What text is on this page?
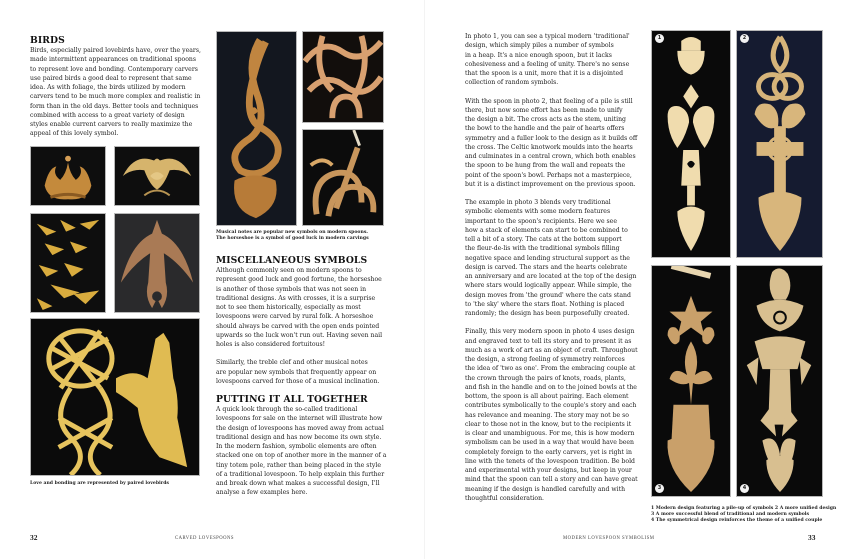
BIRDS
Birds, especially paired lovebirds have, over the years,
made intermittent appearances on traditional spoons
to represent love and bonding. Contemporary carvers
use paired birds a good deal to represent that same
idea. As with foliage, the birds utilized by modern
carvers tend to be much more complex and realistic in
form than in the old days. Better tools and techniques
combined with access to a great variety of design
styles enable current carvers to really maximize the
appeal of this lovely symbol.
Love and bonding are represented by paired lovebirds
Musical notes are popular new symbols on modern spoons.
The horseshoe is a symbol of good luck in modern carvings
MISCELLANEOUS SYMBOLS
Although commonly seen on modern spoons to
represent good luck and good fortune, the horseshoe
is another of those symbols that was not seen in
traditional designs. As with crosses, it is a surprise
not to see them historically, especially as most
lovespoons were carved by rural folk. A horseshoe
should always be carved with the open ends pointed
upwards so the luck won't run out. Having seven nail
holes is also considered fortuitous!
Similarly, the treble clef and other musical notes
are popular new symbols that frequently appear on
lovespoons carved for those of a musical inclination.
PUTTING IT ALL TOGETHER
A quick look through the so-called traditional
lovespoons for sale on the internet will illustrate how
the design of lovespoons has moved away from actual
traditional design and has now become its own style.
In the modern fashion, symbolic elements are often
stacked one on top of another more in the manner of a
tiny totem pole, rather than being placed in the style
of a traditional lovespoon. To help explain this further
and break down what makes a successful design, I'll
analyse a few examples here.
32	CARVED LOVESPOONS
In photo 1, you can see a typical modern 'traditional'
design, which simply piles a number of symbols
in a heap. It's a nice enough spoon, but it lacks
cohesiveness and a feeling of unity. There's no sense
that the spoon is a unit, more that it is a disjointed
collection of random symbols.
With the spoon in photo 2, that feeling of a pile is still
there, but now some effort has been made to unify
the design a bit. The cross acts as the stem, uniting
the bowl to the handle and the pair of hearts offers
symmetry and a fuller look to the design as it builds off
the cross. The Celtic knotwork moulds into the hearts
and culminates in a central crown, which both enables
the spoon to be hung from the wall and repeats the
point of the spoon's bowl. Perhaps not a masterpiece,
but it is a distinct improvement on the previous spoon.
The example in photo 3 blends very traditional
symbolic elements with some modern features
important to the spoon's recipients. Here we see
how a stack of elements can start to be combined to
tell a bit of a story. The cats at the bottom support
the fleur-de-lis with the traditional symbols filling
negative space and lending structural support as the
design is carved. The stars and the hearts celebrate
an anniversary and are located at the top of the design
where stars would logically appear. While simple, the
design moves from 'the ground' where the cats stand
to 'the sky' where the stars float. Nothing is placed
randomly; the design has been purposefully created.
Finally, this very modern spoon in photo 4 uses design
and engraved text to tell its story and to present it as
much as a work of art as an object of craft. Throughout
the design, a strong feeling of symmetry reinforces
the idea of 'two as one'. From the embracing couple at
the crown through the pairs of knots, roads, plants,
and fish in the handle and on to the joined bowls at the
bottom, the spoon is all about pairing. Each element
contributes symbolically to the couple's story and each
has relevance and meaning. The story may not be so
clear to those not in the know, but to the recipients it
is clear and unambiguous. For me, this is how modern
symbolism can be used in a way that would have been
completely foreign to the early carvers, yet is right in
line with the tenets of the lovespoon tradition. Be bold
and experimental with your designs, but keep in your
mind that the spoon can tell a story and can have great
meaning if the design is handled carefully and with
thoughtful consideration.
1	2
3	4
1 Modern design featuring a pile-up of symbols 2 A more unified design
3 A more successful blend of traditional and modern symbols
4 The symmetrical design reinforces the theme of a unified couple
MODERN LOVESPOON SYMBOLISM	33
